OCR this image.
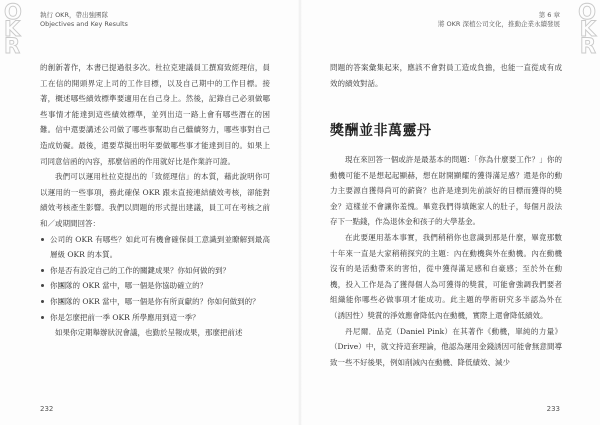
O
K
R
執行 OKR，帶出強團隊
Objectives and Key Results

的創新著作，本書已提過很多次。杜拉克建議員工撰寫致經理信，員工在信的開頭界定上司的工作目標，以及自己期中的工作目標。接著，概述哪些績效標準要適用在自己身上。然後，記錄自己必須做哪些事情才能達到這些績效標準，並列出這一路上會有哪些潛在的困難。信中還要講述公司做了哪些事幫助自己繼續努力，哪些事對自己造成妨礙。最後，還要草擬出明年要做哪些事才能達到目的。如果上司同意信函的內容，那麼信函的作用就好比是作業許可證。

我們可以運用杜拉克提出的「致經理信」的本質，藉此說明你可以運用的一些事項，務此確保 OKR 跟未直接連結績效考核，卻能對績效考核產生影響。我們以問題的形式提出建議，員工可在考核之前和／或期間回答：

公司的 OKR 有哪些？如此可有機會確保員工意識到並瞭解到最高層級 OKR 的本質。
你是否有設定自己的工作的關鍵成果？你如何做的到？
你團隊的 OKR 當中，哪一個是你協助確立的？
你團隊的 OKR 當中，哪一個是你有所貢獻的？你如何做到的？
你是怎麼把前一季 OKR 所學應用到這一季？

如果你定期舉辦狀況會議，也勤於呈報成果，那麼把前述

232
O
K
R
第 6 章
將 OKR 深植公司文化，推動企業永續發展

問題的答案彙集起來，應該不會對員工造成負擔，也能一直從成有成效的績效對話。

獎酬並非萬靈丹

現在來回答一個或許是最基本的問題：「你為什麼要工作？」你的動機可能不是想起起顯赫，想在財開顯耀的獲得滿足感？還是你的動力主要源自獲得尚可的薪資？也許是達到先前談好的目標而獲得的獎金？這樣並不會讓你羞愧。畢竟我們得填飽家人的肚子，每個月設法存下一點錢，作為退休金和孩子的大學基金。

在此要運用基本事實，我們稍稍你也意識到那是什麼，畢竟那數十年來一直是大家稍稍探究的主題：內在動機與外在動機。內在動機沒有的是活動帶來的害怕，從中獲得滿足感和自豪感；至於外在動機，投入工作是為了獲得個人為可獲得的獎賞，可能會強調我們要者組織能你哪些必做事項才能成功。此主題的學術研究多半認為外在（誘因性）獎賞的淨效應會降低內在動機，實際上還會降低績效。

丹尼爾．品克（Daniel Pink）在其著作《動機，單純的力量》（Drive）中，就文持這套理論，他認為運用金錢誘因可能會無意間導致一些不好後果，例如削減內在動機、降低績效、減少

233
